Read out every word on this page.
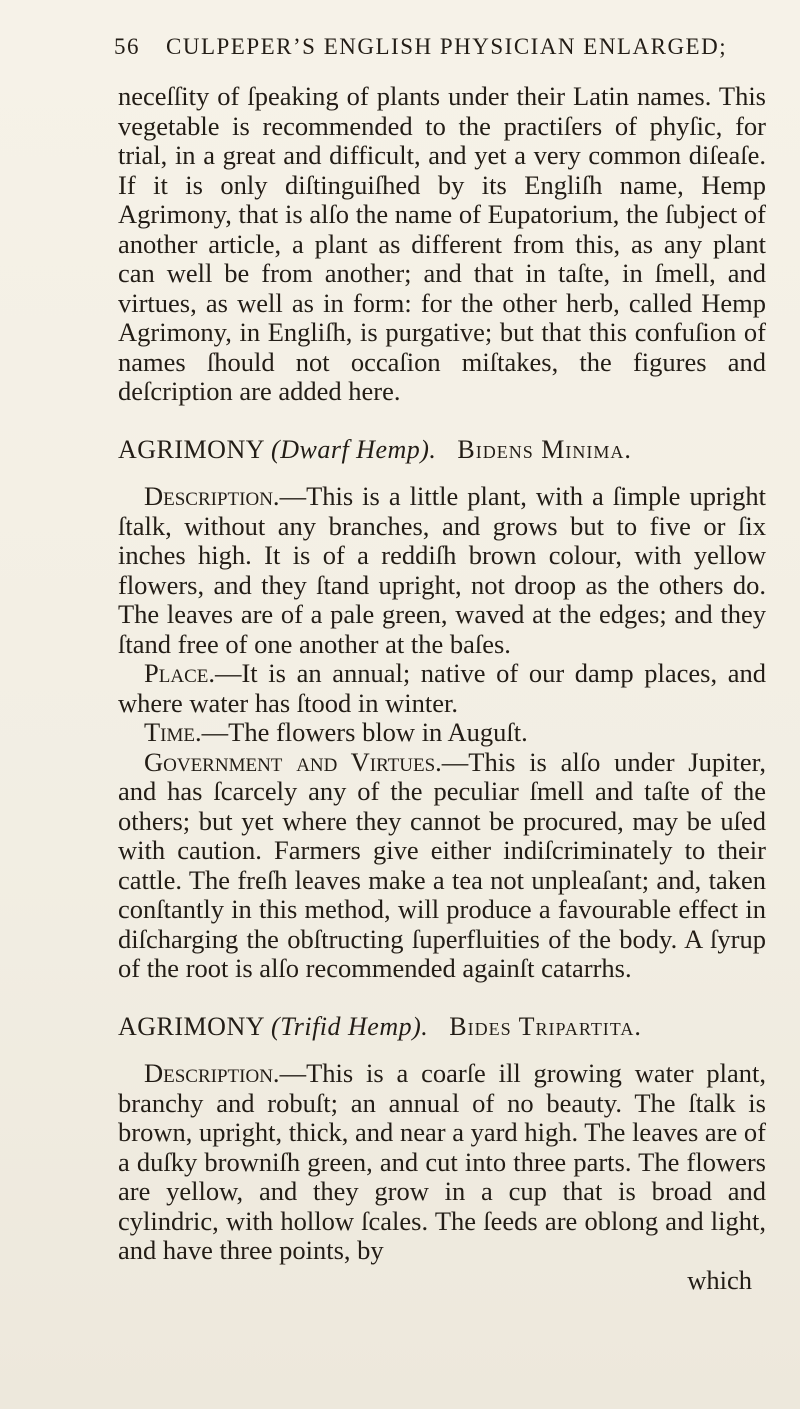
56 CULPEPER’S ENGLISH PHYSICIAN ENLARGED;

neceſſity of ſpeaking of plants under their Latin names. This vegetable is recommended to the practiſers of phyſic, for trial, in a great and difficult, and yet a very common diſeaſe. If it is only diſtinguiſhed by its Engliſh name, Hemp Agrimony, that is alſo the name of Eupatorium, the ſubject of another article, a plant as different from this, as any plant can well be from another; and that in taſte, in ſmell, and virtues, as well as in form: for the other herb, called Hemp Agrimony, in Engliſh, is purgative; but that this confuſion of names ſhould not occaſion miſtakes, the figures and deſcription are added here.

AGRIMONY (Dwarf Hemp). Bidens Minima.

Description.—This is a little plant, with a ſimple upright ſtalk, without any branches, and grows but to five or ſix inches high. It is of a reddiſh brown colour, with yellow flowers, and they ſtand upright, not droop as the others do. The leaves are of a pale green, waved at the edges; and they ſtand free of one another at the baſes.

Place.—It is an annual; native of our damp places, and where water has ſtood in winter.

Time.—The flowers blow in Auguſt.

Government and Virtues.—This is alſo under Jupiter, and has ſcarcely any of the peculiar ſmell and taſte of the others; but yet where they cannot be procured, may be uſed with caution. Farmers give either indiſcriminately to their cattle. The freſh leaves make a tea not unpleaſant; and, taken conſtantly in this method, will produce a favourable effect in diſcharging the obſtructing ſuperfluities of the body. A ſyrup of the root is alſo recommended againſt catarrhs.

AGRIMONY (Trifid Hemp). Bides Tripartita.

Description.—This is a coarſe ill growing water plant, branchy and robuſt; an annual of no beauty. The ſtalk is brown, upright, thick, and near a yard high. The leaves are of a duſky browniſh green, and cut into three parts. The flowers are yellow, and they grow in a cup that is broad and cylindric, with hollow ſcales. The ſeeds are oblong and light, and have three points, by

which
